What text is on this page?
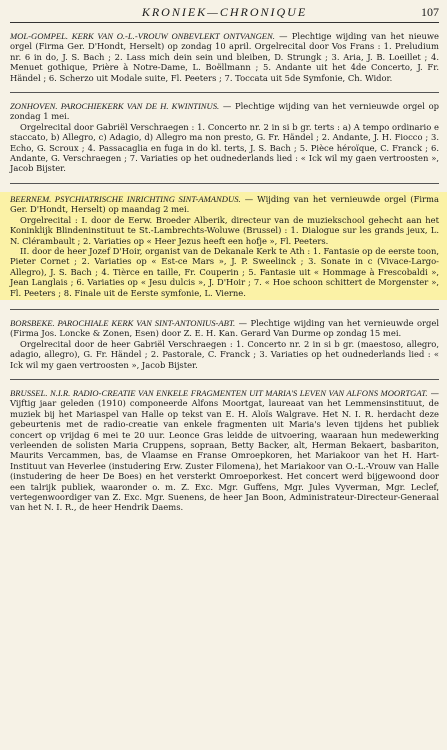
KRONIEK—CHRONIQUE	107

MOL-GOMPEL. KERK VAN O.-L.-VROUW ONBEVLEKT ONTVANGEN. — Plechtige wijding van het nieuwe orgel (Firma Ger. D'Hondt, Herselt) op zondag 10 april. Orgelrecital door Vos Frans : 1. Preludium nr. 6 in do, J. S. Bach ; 2. Lass mich dein sein und bleiben, D. Strungk ; 3. Aria, J. B. Loeillet ; 4. Menuet gothique, Prière à Notre-Dame, L. Boëllmann ; 5. Andante uit het 4de Concerto, J. Fr. Händel ; 6. Scherzo uit Modale suite, Fl. Peeters ; 7. Toccata uit 5de Symfonie, Ch. Widor.

ZONHOVEN. PAROCHIEKERK VAN DE H. KWINTINUS. — Plechtige wijding van het vernieuwde orgel op zondag 1 mei.

Orgelrecital door Gabriël Verschraegen : 1. Concerto nr. 2 in si b gr. terts : a) A tempo ordinario e staccato, b) Allegro, c) Adagio, d) Allegro ma non presto, G. Fr. Händel ; 2. Andante, J. H. Fiocco ; 3. Echo, G. Scroux ; 4. Passacaglia en fuga in do kl. terts, J. S. Bach ; 5. Pièce héroïque, C. Franck ; 6. Andante, G. Verschraegen ; 7. Variaties op het oudnederlands lied : « Ick wil my gaen vertroosten », Jacob Bijster.

BEERNEM. PSYCHIATRISCHE INRICHTING SINT-AMANDUS. — Wijding van het vernieuwde orgel (Firma Ger. D'Hondt, Herselt) op maandag 2 mei.

Orgelrecital : I. door de Eerw. Broeder Alberik, directeur van de muziekschool gehecht aan het Koninklijk Blindeninstituut te St.-Lambrechts-Woluwe (Brussel) : 1. Dialogue sur les grands jeux, L. N. Clérambault ; 2. Variaties op « Heer Jezus heeft een hofje », Fl. Peeters.

II. door de heer Jozef D'Hoir, organist van de Dekanale Kerk te Ath : 1. Fantasie op de eerste toon, Pieter Cornet ; 2. Variaties op « Est-ce Mars », J. P. Sweelinck ; 3. Sonate in c (Vivace-Largo-Allegro), J. S. Bach ; 4. Tièrce en taille, Fr. Couperin ; 5. Fantasie uit « Hommage à Frescobaldi », Jean Langlais ; 6. Variaties op « Jesu dulcis », J. D'Hoir ; 7. « Hoe schoon schittert de Morgenster », Fl. Peeters ; 8. Finale uit de Eerste symfonie, L. Vierne.

BORSBEKE. PAROCHIALE KERK VAN SINT-ANTONIUS-ABT. — Plechtige wijding van het vernieuwde orgel (Firma Jos. Loncke & Zonen, Esen) door Z. E. H. Kan. Gerard Van Durme op zondag 15 mei.

Orgelrecital door de heer Gabriël Verschraegen : 1. Concerto nr. 2 in si b gr. (maestoso, allegro, adagio, allegro), G. Fr. Händel ; 2. Pastorale, C. Franck ; 3. Variaties op het oudnederlands lied : « Ick wil my gaen vertroosten », Jacob Bijster.

BRUSSEL. N.I.R. RADIO-CREATIE VAN ENKELE FRAGMENTEN UIT MARIA'S LEVEN VAN ALFONS MOORTGAT. — Vijftig jaar geleden (1910) componeerde Alfons Moortgat, laureaat van het Lemmensinstituut, de muziek bij het Mariaspel van Halle op tekst van E. H. Aloïs Walgrave. Het N. I. R. herdacht deze gebeurtenis met de radio-creatie van enkele fragmenten uit Maria's leven tijdens het publiek concert op vrijdag 6 mei te 20 uur. Leonce Gras leidde de uitvoering, waaraan hun medewerking verleenden de solisten Maria Cruppens, sopraan, Betty Backer, alt, Herman Bekaert, basbariton, Maurits Vercammen, bas, de Vlaamse en Franse Omroepkoren, het Mariakoor van het H. Hart-Instituut van Heverlee (instudering Erw. Zuster Filomena), het Mariakoor van O.-L.-Vrouw van Halle (instudering de heer De Boes) en het versterkt Omroeporkest. Het concert werd bijgewoond door een talrijk publiek, waaronder o. m. Z. Exc. Mgr. Guffens, Mgr. Jules Vyverman, Mgr. Leclef, vertegenwoordiger van Z. Exc. Mgr. Suenens, de heer Jan Boon, Administrateur-Directeur-Generaal van het N. I. R., de heer Hendrik Daems.
